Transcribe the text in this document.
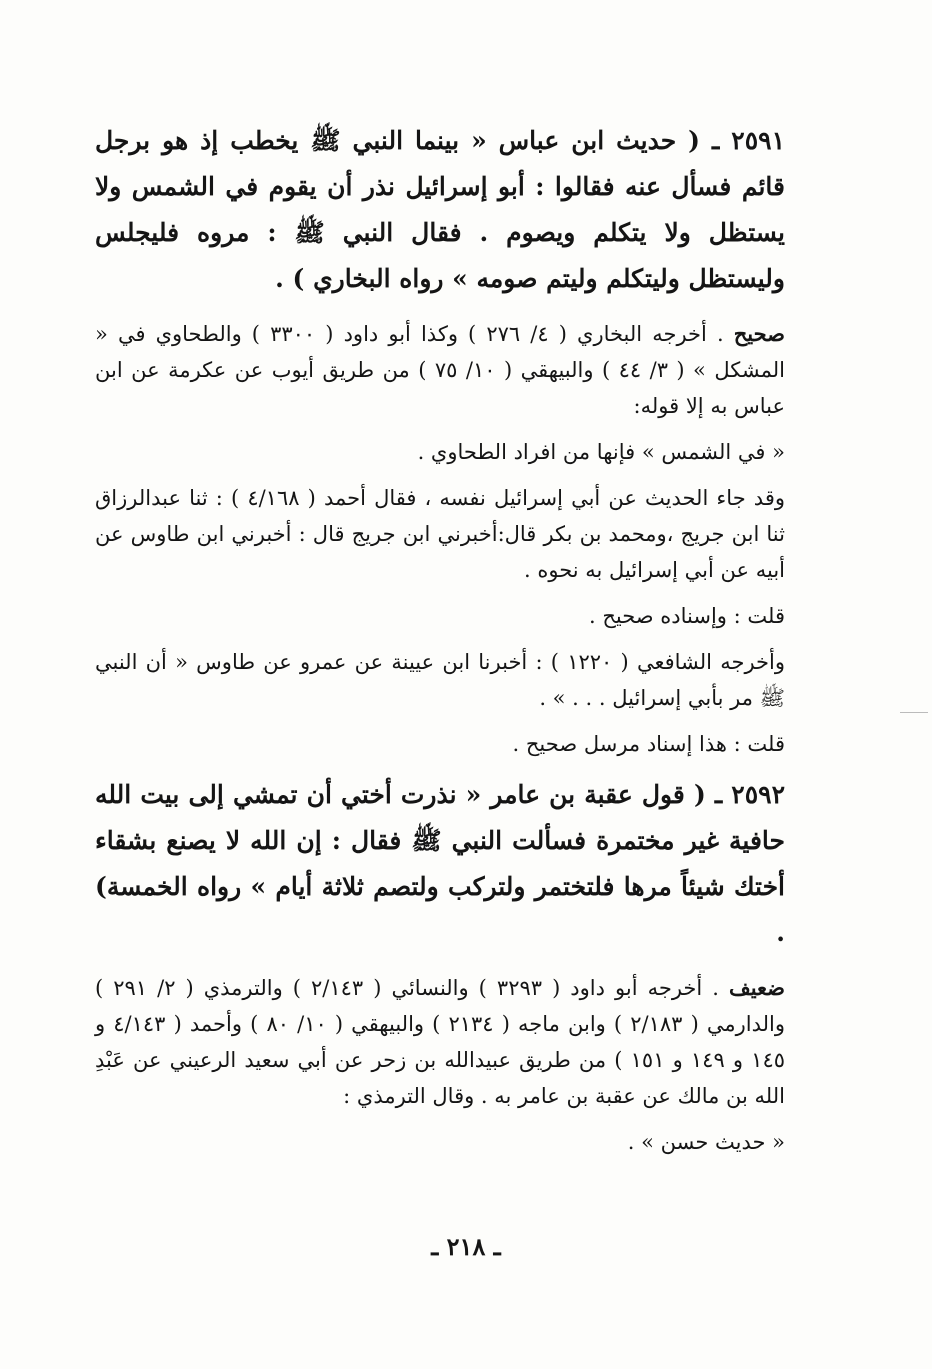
٢٥٩١ ـ ( حديث ابن عباس « بينما النبي ﷺ يخطب إذ هو برجل قائم فسأل عنه فقالوا : أبو إسرائيل نذر أن يقوم في الشمس ولا يستظل ولا يتكلم ويصوم . فقال النبي ﷺ : مروه فليجلس وليستظل وليتكلم وليتم صومه » رواه البخاري ) .

صحيح . أخرجه البخاري ( ٤/ ٢٧٦ ) وكذا أبو داود ( ٣٣٠٠ ) والطحاوي في « المشكل » ( ٣/ ٤٤ ) والبيهقي ( ١٠/ ٧٥ ) من طريق أيوب عن عكرمة عن ابن عباس به إلا قوله:

« في الشمس » فإنها من افراد الطحاوي .

وقد جاء الحديث عن أبي إسرائيل نفسه ، فقال أحمد ( ٤/١٦٨ ) : ثنا عبدالرزاق ثنا ابن جريج ،ومحمد بن بكر قال:أخبرني ابن جريج قال : أخبرني ابن طاوس عن أبيه عن أبي إسرائيل به نحوه .

قلت : وإسناده صحيح .

وأخرجه الشافعي ( ١٢٢٠ ) : أخبرنا ابن عيينة عن عمرو عن طاوس « أن النبي ﷺ مر بأبي إسرائيل . . . » .

قلت : هذا إسناد مرسل صحيح .

٢٥٩٢ ـ ( قول عقبة بن عامر « نذرت أختي أن تمشي إلى بيت الله حافية غير مختمرة فسألت النبي ﷺ فقال : إن الله لا يصنع بشقاء أختك شيئاً مرها فلتختمر ولتركب ولتصم ثلاثة أيام » رواه الخمسة) .

ضعيف . أخرجه أبو داود ( ٣٢٩٣ ) والنسائي ( ٢/١٤٣ ) والترمذي ( ٢/ ٢٩١ ) والدارمي ( ٢/١٨٣ ) وابن ماجه ( ٢١٣٤ ) والبيهقي ( ١٠/ ٨٠ ) وأحمد ( ٤/١٤٣ و ١٤٥ و ١٤٩ و ١٥١ ) من طريق عبيدالله بن زحر عن أبي سعيد الرعيني عن عَبْدِ الله بن مالك عن عقبة بن عامر به . وقال الترمذي :

« حديث حسن » .

ـ ٢١٨ ـ
